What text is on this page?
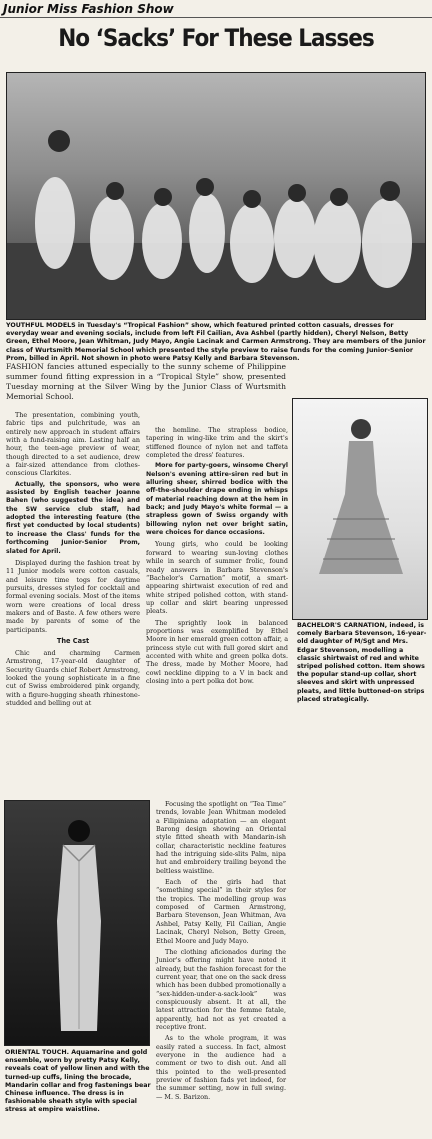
Junior Miss Fashion Show
No ‘Sacks’ For These Lasses
YOUTHFUL MODELS in Tuesday's “Tropical Fashion” show, which featured printed cotton casuals, dresses for everyday wear and evening socials, include from left Fil Cailian, Ava Ashbel (partly hidden), Cheryl Nelson, Betty Green, Ethel Moore, Jean Whitman, Judy Mayo, Angie Lacinak and Carmen Armstrong. They are members of the Junior class of Wurtsmith Memorial School which presented the style preview to raise funds for the coming Junior-Senior Prom, billed in April. Not shown in photo were Patsy Kelly and Barbara Stevenson.
FASHION fancies attuned especially to the sunny scheme of Philippine summer found fitting expression in a “Tropical Style” show, presented Tuesday morning at the Silver Wing by the Junior Class of Wurtsmith Memorial School.

The presentation, combining youth, fabric tips and pulchritude, was an entirely new approach in student affairs with a fund-raising aim. Lasting half an hour, the teen-age preview of wear, though directed to a set audience, drew a fair-sized attendance from clothes-conscious Clarkites.

Actually, the sponsors, who were assisted by English teacher Joanne Bahen (who suggested the idea) and the SW service club staff, had adopted the interesting feature (the first yet conducted by local students) to increase the Class' funds for the forthcoming Junior-Senior Prom, slated for April.

Displayed during the fashion treat by 11 Junior models were cotton casuals, and leisure time togs for daytime pursuits, dresses styled for cocktail and formal evening socials. Most of the items worn were creations of local dress makers and of Baste. A few others were made by parents of some of the participants.

The Cast

Chic and charming Carmen Armstrong, 17-year-old daughter of Security Guards chief Robert Armstrong, looked the young sophisticate in a fine cut of Swiss embroidered pink organdy, with a figure-hugging sheath rhinestone-studded and belling out at

the hemline. The strapless bodice, tapering in wing-like trim and the skirt's stiffened flounce of nylon net and taffeta completed the dress' features.

More for party-goers, winsome Cheryl Nelson's evening attire-siren red but in alluring sheer, shirred bodice with the off-the-shoulder drape ending in whisps of material reaching down at the hem in back; and Judy Mayo's white formal — a strapless gown of Swiss organdy with billowing nylon net over bright satin, were choices for dance occasions.

Young girls, who could be looking forward to wearing sun-loving clothes while in search of summer frolic, found ready answers in Barbara Stevenson's “Bachelor's Carnation” motif, a smart-appearing shirtwaist execution of red and white striped polished cotton, with stand-up collar and skirt bearing unpressed pleats.

The sprightly look in balanced proportions was exemplified by Ethel Moore in her emerald green cotton affair, a princess style cut with full gored skirt and accented with white and green polka dots. The dress, made by Mother Moore, had cowl neckline dipping to a V in back and closing into a pert polka dot bow.

BACHELOR'S CARNATION, indeed, is comely Barbara Stevenson, 16-year-old daughter of M/Sgt and Mrs. Edgar Stevenson, modelling a classic shirtwaist of red and white striped polished cotton. Item shows the popular stand-up collar, short sleeves and skirt with unpressed pleats, and little buttoned-on strips placed strategically.
ORIENTAL TOUCH. Aquamarine and gold ensemble, worn by pretty Patsy Kelly, reveals coat of yellow linen and with the turned-up cuffs, lining the brocade, Mandarin collar and frog fastenings bear Chinese influence. The dress is in fashionable sheath style with special stress at empire waistline.

Focusing the spotlight on “Tea Time” trends, lovable Jean Whitman modeled a Filipiniana adaptation — an elegant Barong design showing an Oriental style fitted sheath with Mandarin-ish collar, characteristic neckline features had the intriguing side-slits Palm, nipa hut and embroidery trailing beyond the beltless waistline.

Each of the girls had that “something special” in their styles for the tropics. The modelling group was composed of Carmen Armstrong, Barbara Stevenson, Jean Whitman, Ava Ashbel, Patsy Kelly, Fil Cailian, Angie Lacinak, Cheryl Nelson, Betty Green, Ethel Moore and Judy Mayo.

The clothing aficionados during the Junior's offering might have noted it already, but the fashion forecast for the current year, that one on the sack dress which has been dubbed promotionally a “sex-hidden-under-a-sack-look” was conspicuously absent. It at all, the latest attraction for the femme fatale, apparently, had not as yet created a receptive front.

As to the whole program, it was easily rated a success. In fact, almost everyone in the audience had a comment or two to dish out. And all this pointed to the well-presented preview of fashion fads yet indeed, for the summer setting, now in full swing. — M. S. Barizon.
